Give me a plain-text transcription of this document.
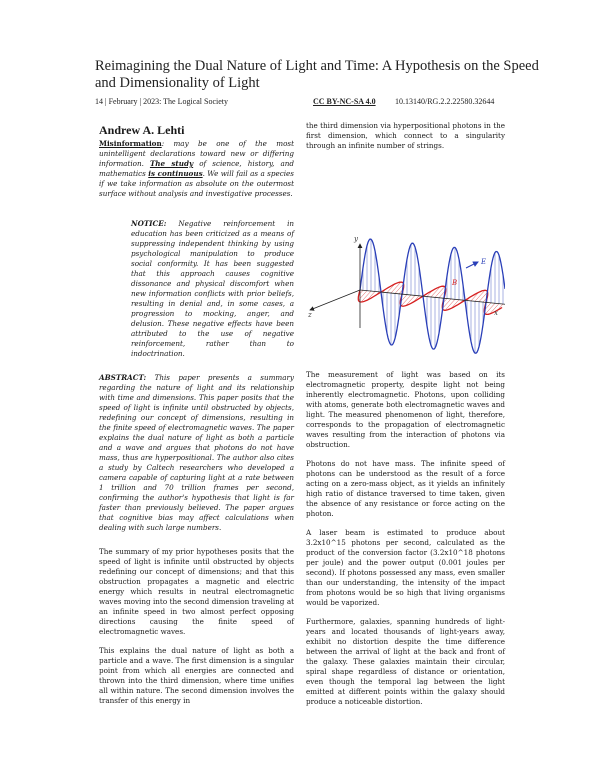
Reimagining the Dual Nature of Light and Time: A Hypothesis on the Speed and Dimensionality of Light
14 | February | 2023: The Logical Society	CC BY-NC-SA 4.0 10.13140/RG.2.2.22580.32644
Andrew A. Lehti
Misinformation: may be one of the most unintelligent declarations toward new or differing information. The study of science, history, and mathematics is continuous. We will fail as a species if we take information as absolute on the outermost surface without analysis and investigative processes.
NOTICE: Negative reinforcement in education has been criticized as a means of suppressing independent thinking by using psychological manipulation to produce social conformity. It has been suggested that this approach causes cognitive dissonance and physical discomfort when new information conflicts with prior beliefs, resulting in denial and, in some cases, a progression to mocking, anger, and delusion. These negative effects have been attributed to the use of negative reinforcement, rather than to indoctrination.
ABSTRACT: This paper presents a summary regarding the nature of light and its relationship with time and dimensions. This paper posits that the speed of light is infinite until obstructed by objects, redefining our concept of dimensions, resulting in the finite speed of electromagnetic waves. The paper explains the dual nature of light as both a particle and a wave and argues that photons do not have mass, thus are hyperpositional. The author also cites a study by Caltech researchers who developed a camera capable of capturing light at a rate between 1 trillion and 70 trillion frames per second, confirming the author's hypothesis that light is far faster than previously believed. The paper argues that cognitive bias may affect calculations when dealing with such large numbers.

The summary of my prior hypotheses posits that the speed of light is infinite until obstructed by objects redefining our concept of dimensions; and that this obstruction propagates a magnetic and electric energy which results in neutral electromagnetic waves moving into the second dimension traveling at an infinite speed in two almost perfect opposing directions causing the finite speed of electromagnetic waves.

This explains the dual nature of light as both a particle and a wave. The first dimension is a singular point from which all energies are connected and thrown into the third dimension, where time unifies all within nature. The second dimension involves the transfer of this energy in

the third dimension via hyperpositional photons in the first dimension, which connect to a singularity through an infinite number of strings.

y
z	x
E
B

The measurement of light was based on its electromagnetic property, despite light not being inherently electromagnetic. Photons, upon colliding with atoms, generate both electromagnetic waves and light. The measured phenomenon of light, therefore, corresponds to the propagation of electromagnetic waves resulting from the interaction of photons via obstruction.

Photons do not have mass. The infinite speed of photons can be understood as the result of a force acting on a zero-mass object, as it yields an infinitely high ratio of distance traversed to time taken, given the absence of any resistance or force acting on the photon.

A laser beam is estimated to produce about 3.2x10^15 photons per second, calculated as the product of the conversion factor (3.2x10^18 photons per joule) and the power output (0.001 joules per second). If photons possessed any mass, even smaller than our understanding, the intensity of the impact from photons would be so high that living organisms would be vaporized.

Furthermore, galaxies, spanning hundreds of light-years and located thousands of light-years away, exhibit no distortion despite the time difference between the arrival of light at the back and front of the galaxy. These galaxies maintain their circular, spiral shape regardless of distance or orientation, even though the temporal lag between the light emitted at different points within the galaxy should produce a noticeable distortion.
